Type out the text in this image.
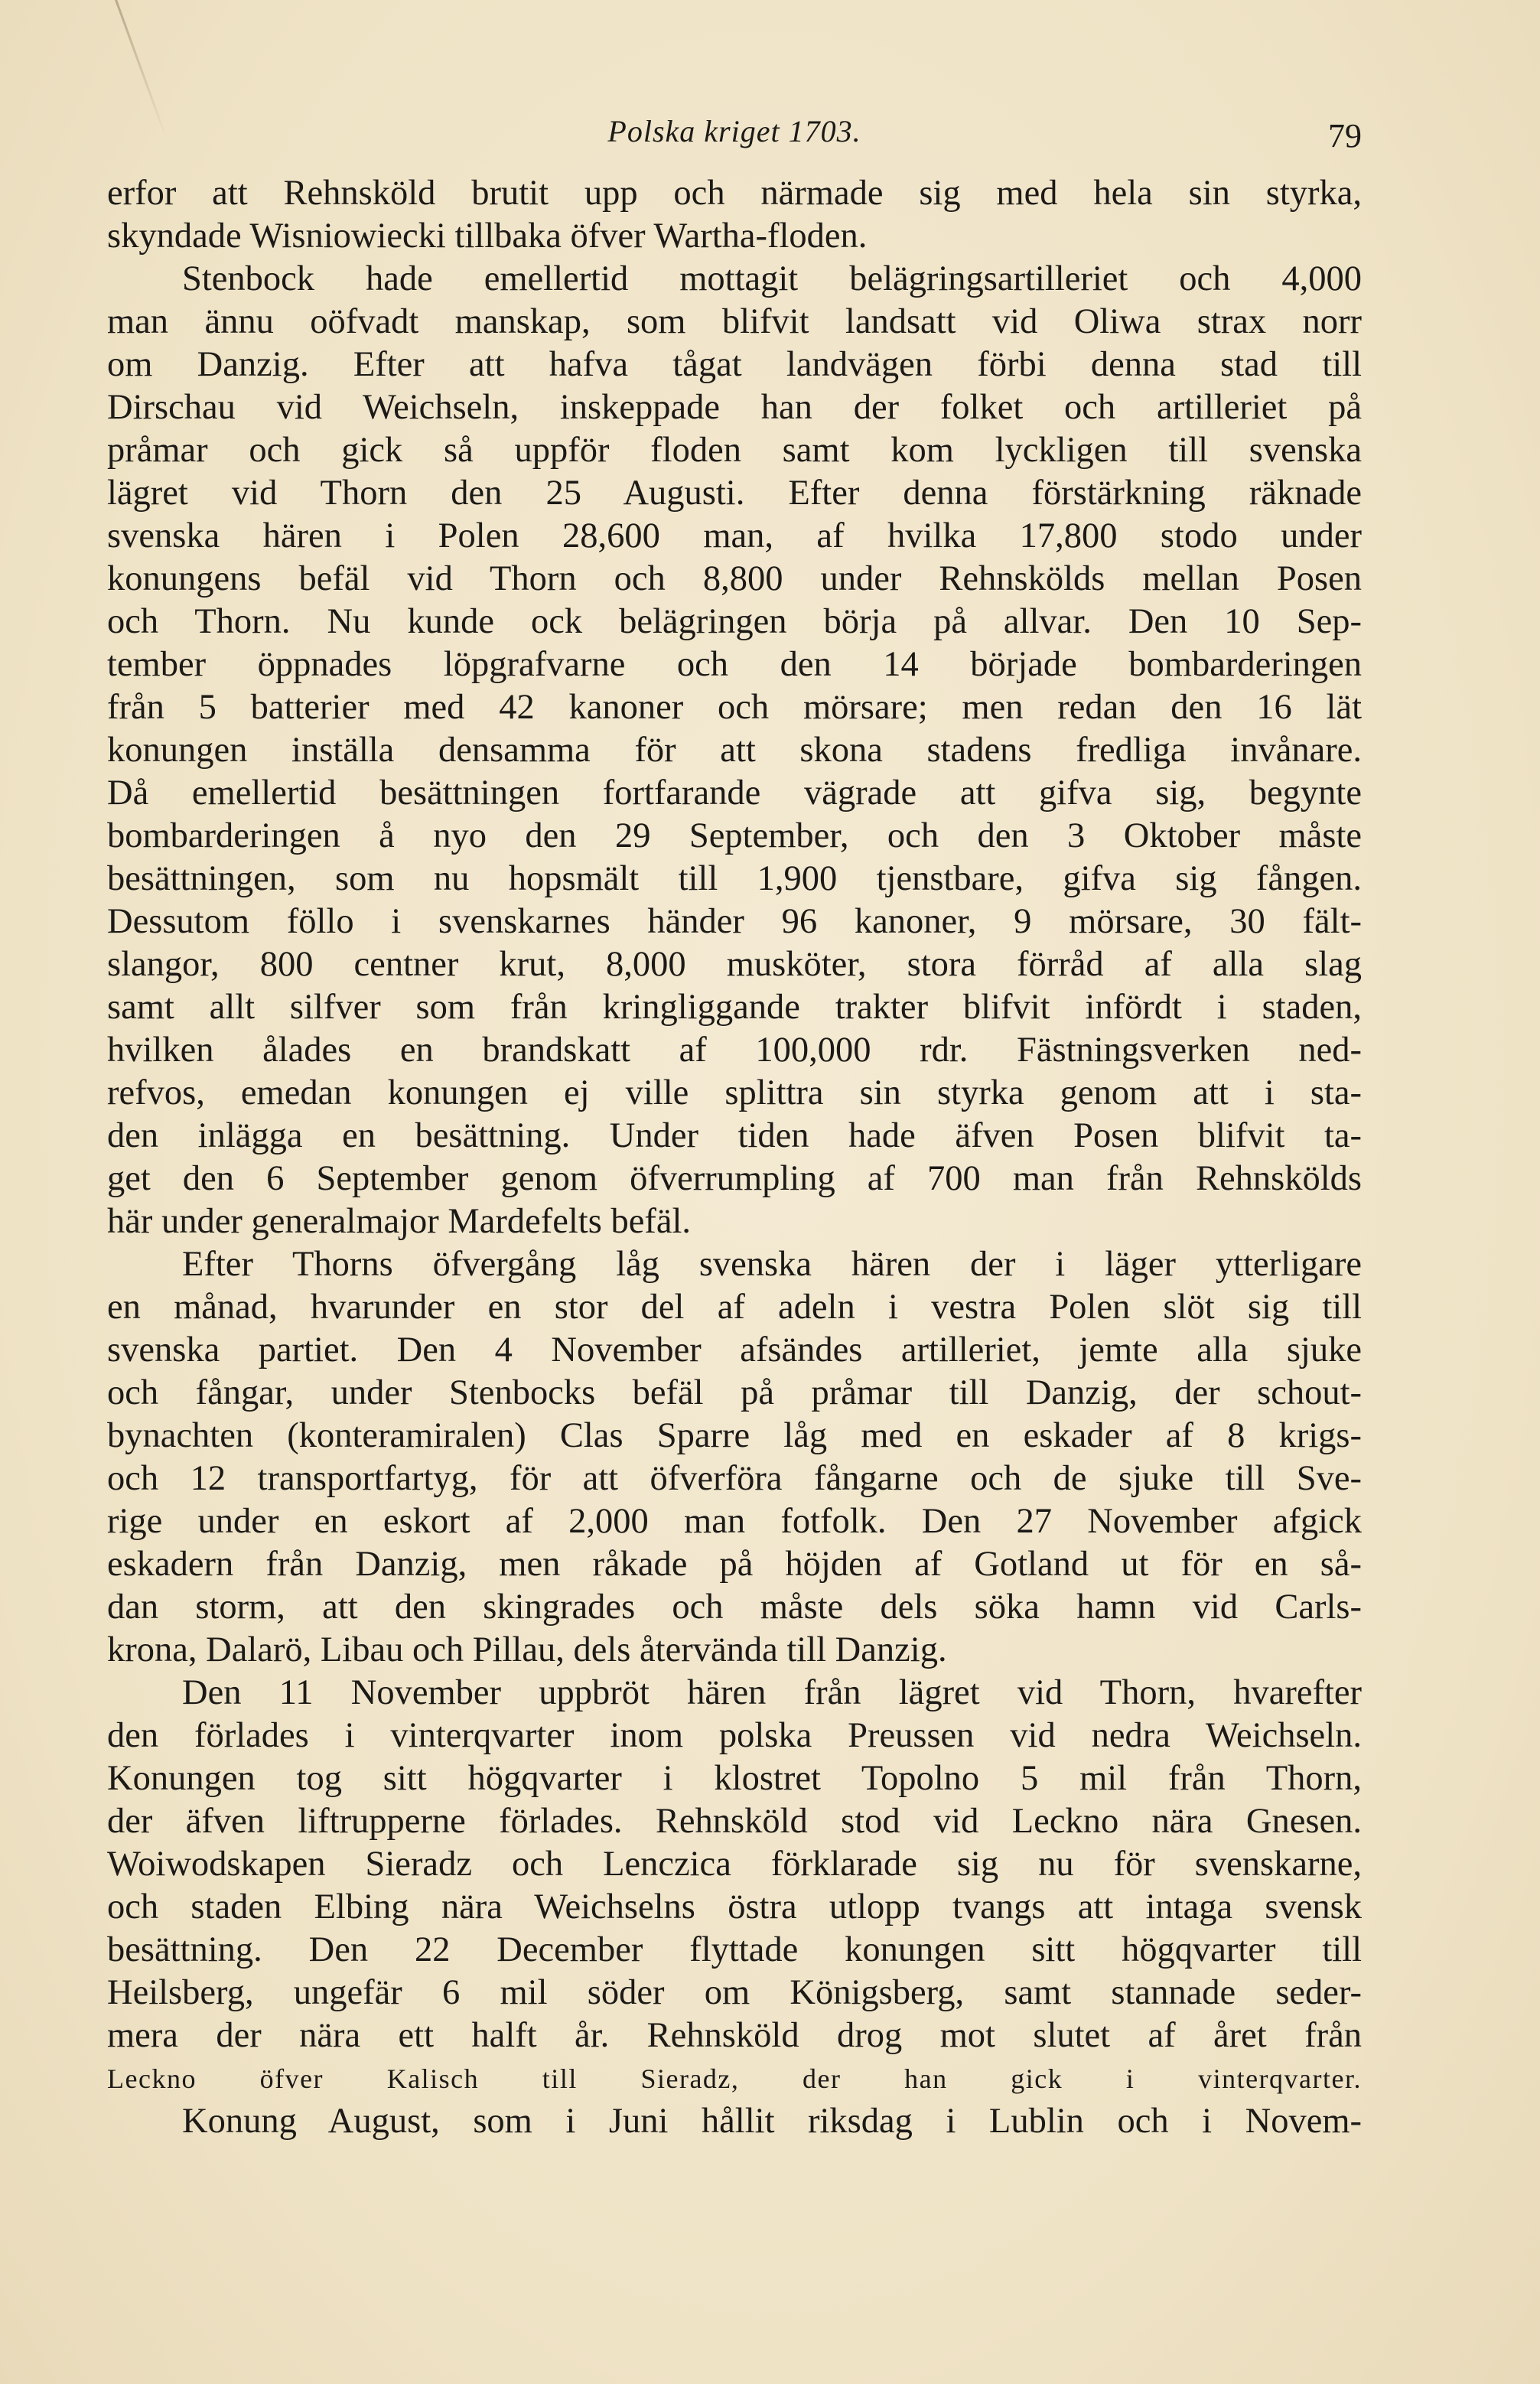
Polska kriget 1703.	79
erfor att Rehnsköld brutit upp och närmade sig med hela sin styrka,
skyndade Wisniowiecki tillbaka öfver Wartha-floden.
Stenbock hade emellertid mottagit belägringsartilleriet och 4,000
man ännu oöfvadt manskap, som blifvit landsatt vid Oliwa strax norr
om Danzig. Efter att hafva tågat landvägen förbi denna stad till
Dirschau vid Weichseln, inskeppade han der folket och artilleriet på
pråmar och gick så uppför floden samt kom lyckligen till svenska
lägret vid Thorn den 25 Augusti. Efter denna förstärkning räknade
svenska hären i Polen 28,600 man, af hvilka 17,800 stodo under
konungens befäl vid Thorn och 8,800 under Rehnskölds mellan Posen
och Thorn. Nu kunde ock belägringen börja på allvar. Den 10 Sep-
tember öppnades löpgrafvarne och den 14 började bombarderingen
från 5 batterier med 42 kanoner och mörsare; men redan den 16 lät
konungen inställa densamma för att skona stadens fredliga invånare.
Då emellertid besättningen fortfarande vägrade att gifva sig, begynte
bombarderingen å nyo den 29 September, och den 3 Oktober måste
besättningen, som nu hopsmält till 1,900 tjenstbare, gifva sig fången.
Dessutom föllo i svenskarnes händer 96 kanoner, 9 mörsare, 30 fält-
slangor, 800 centner krut, 8,000 musköter, stora förråd af alla slag
samt allt silfver som från kringliggande trakter blifvit infördt i staden,
hvilken ålades en brandskatt af 100,000 rdr. Fästningsverken ned-
refvos, emedan konungen ej ville splittra sin styrka genom att i sta-
den inlägga en besättning. Under tiden hade äfven Posen blifvit ta-
get den 6 September genom öfverrumpling af 700 man från Rehnskölds
här under generalmajor Mardefelts befäl.
Efter Thorns öfvergång låg svenska hären der i läger ytterligare
en månad, hvarunder en stor del af adeln i vestra Polen slöt sig till
svenska partiet. Den 4 November afsändes artilleriet, jemte alla sjuke
och fångar, under Stenbocks befäl på pråmar till Danzig, der schout-
bynachten (konteramiralen) Clas Sparre låg med en eskader af 8 krigs-
och 12 transportfartyg, för att öfverföra fångarne och de sjuke till Sve-
rige under en eskort af 2,000 man fotfolk. Den 27 November afgick
eskadern från Danzig, men råkade på höjden af Gotland ut för en så-
dan storm, att den skingrades och måste dels söka hamn vid Carls-
krona, Dalarö, Libau och Pillau, dels återvända till Danzig.
Den 11 November uppbröt hären från lägret vid Thorn, hvarefter
den förlades i vinterqvarter inom polska Preussen vid nedra Weichseln.
Konungen tog sitt högqvarter i klostret Topolno 5 mil från Thorn,
der äfven liftrupperne förlades. Rehnsköld stod vid Leckno nära Gnesen.
Woiwodskapen Sieradz och Lenczica förklarade sig nu för svenskarne,
och staden Elbing nära Weichselns östra utlopp tvangs att intaga svensk
besättning. Den 22 December flyttade konungen sitt högqvarter till
Heilsberg, ungefär 6 mil söder om Königsberg, samt stannade seder-
mera der nära ett halft år. Rehnsköld drog mot slutet af året från
Leckno öfver Kalisch till Sieradz, der han gick i vinterqvarter.
Konung August, som i Juni hållit riksdag i Lublin och i Novem-
